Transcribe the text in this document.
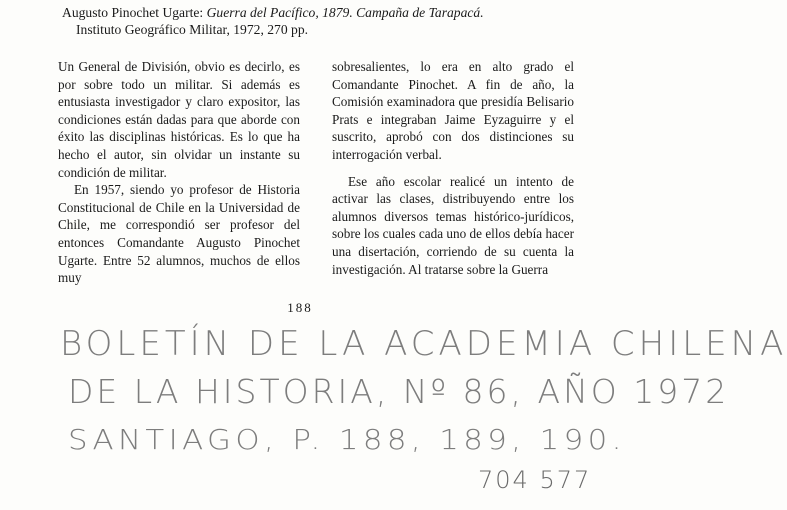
Augusto Pinochet Ugarte: Guerra del Pacífico, 1879. Campaña de Tarapacá.
Instituto Geográfico Militar, 1972, 270 pp.

Un General de División, obvio es decirlo, es por sobre todo un militar. Si además es entusiasta investigador y claro expositor, las condiciones están dadas para que aborde con éxito las disciplinas históricas. Es lo que ha hecho el autor, sin olvidar un instante su condición de militar.

En 1957, siendo yo profesor de Historia Constitucional de Chile en la Universidad de Chile, me correspondió ser profesor del entonces Comandante Augusto Pinochet Ugarte. Entre 52 alumnos, muchos de ellos muy

sobresalientes, lo era en alto grado el Comandante Pinochet. A fin de año, la Comisión examinadora que presidía Belisario Prats e integraban Jaime Eyzaguirre y el suscrito, aprobó con dos distinciones su interrogación verbal.

Ese año escolar realicé un intento de activar las clases, distribuyendo entre los alumnos diversos temas histórico-jurídicos, sobre los cuales cada uno de ellos debía hacer una disertación, corriendo de su cuenta la investigación. Al tratarse sobre la Guerra

188
BOLETÍN DE LA ACADEMIA CHILENA
DE LA HISTORIA, Nº 86, AÑO 1972
SANTIAGO, P. 188, 189, 190.
704 577
